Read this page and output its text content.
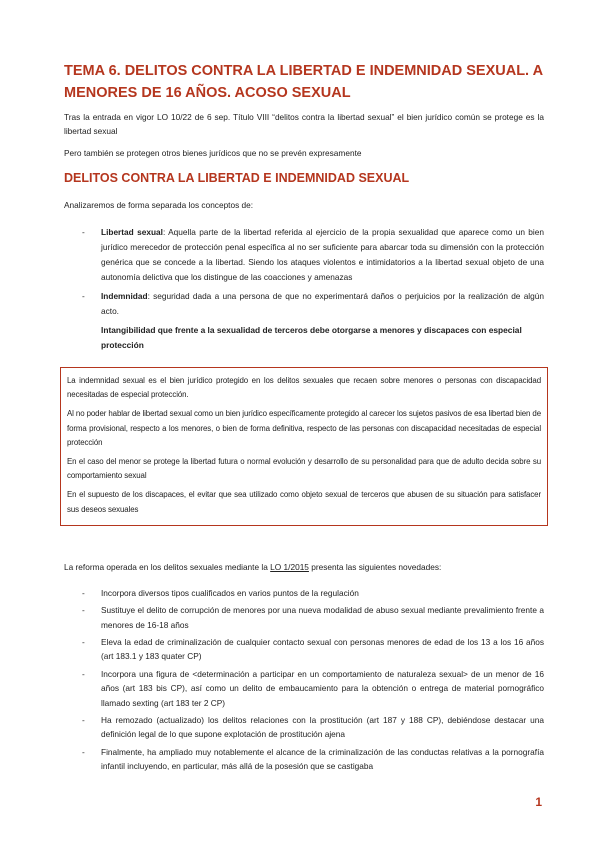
TEMA 6. DELITOS CONTRA LA LIBERTAD E INDEMNIDAD SEXUAL. A MENORES DE 16 AÑOS. ACOSO SEXUAL

Tras la entrada en vigor LO 10/22 de 6 sep. Título VIII “delitos contra la libertad sexual” el bien jurídico común se protege es la libertad sexual

Pero también se protegen otros bienes jurídicos que no se prevén expresamente

DELITOS CONTRA LA LIBERTAD E INDEMNIDAD SEXUAL

Analizaremos de forma separada los conceptos de:

- Libertad sexual: Aquella parte de la libertad referida al ejercicio de la propia sexualidad que aparece como un bien jurídico merecedor de protección penal específica al no ser suficiente para abarcar toda su dimensión con la protección genérica que se concede a la libertad. Siendo los ataques violentos e intimidatorios a la libertad sexual objeto de una autonomía delictiva que los distingue de las coacciones y amenazas
- Indemnidad: seguridad dada a una persona de que no experimentará daños o perjuicios por la realización de algún acto.

Intangibilidad que frente a la sexualidad de terceros debe otorgarse a menores y discapaces con especial protección

La indemnidad sexual es el bien jurídico protegido en los delitos sexuales que recaen sobre menores o personas con discapacidad necesitadas de especial protección.

Al no poder hablar de libertad sexual como un bien jurídico específicamente protegido al carecer los sujetos pasivos de esa libertad bien de forma provisional, respecto a los menores, o bien de forma definitiva, respecto de las personas con discapacidad necesitadas de especial protección

En el caso del menor se protege la libertad futura o normal evolución y desarrollo de su personalidad para que de adulto decida sobre su comportamiento sexual

En el supuesto de los discapaces, el evitar que sea utilizado como objeto sexual de terceros que abusen de su situación para satisfacer sus deseos sexuales

La reforma operada en los delitos sexuales mediante la LO 1/2015 presenta las siguientes novedades:

- Incorpora diversos tipos cualificados en varios puntos de la regulación
- Sustituye el delito de corrupción de menores por una nueva modalidad de abuso sexual mediante prevalimiento frente a menores de 16-18 años
- Eleva la edad de criminalización de cualquier contacto sexual con personas menores de edad de los 13 a los 16 años (art 183.1 y 183 quater CP)
- Incorpora una figura de <determinación a participar en un comportamiento de naturaleza sexual> de un menor de 16 años (art 183 bis CP), así como un delito de embaucamiento para la obtención o entrega de material pornográfico llamado sexting (art 183 ter 2 CP)
- Ha remozado (actualizado) los delitos relaciones con la prostitución (art 187 y 188 CP), debiéndose destacar una definición legal de lo que supone explotación de prostitución ajena
- Finalmente, ha ampliado muy notablemente el alcance de la criminalización de las conductas relativas a la pornografía infantil incluyendo, en particular, más allá de la posesión que se castigaba
1
